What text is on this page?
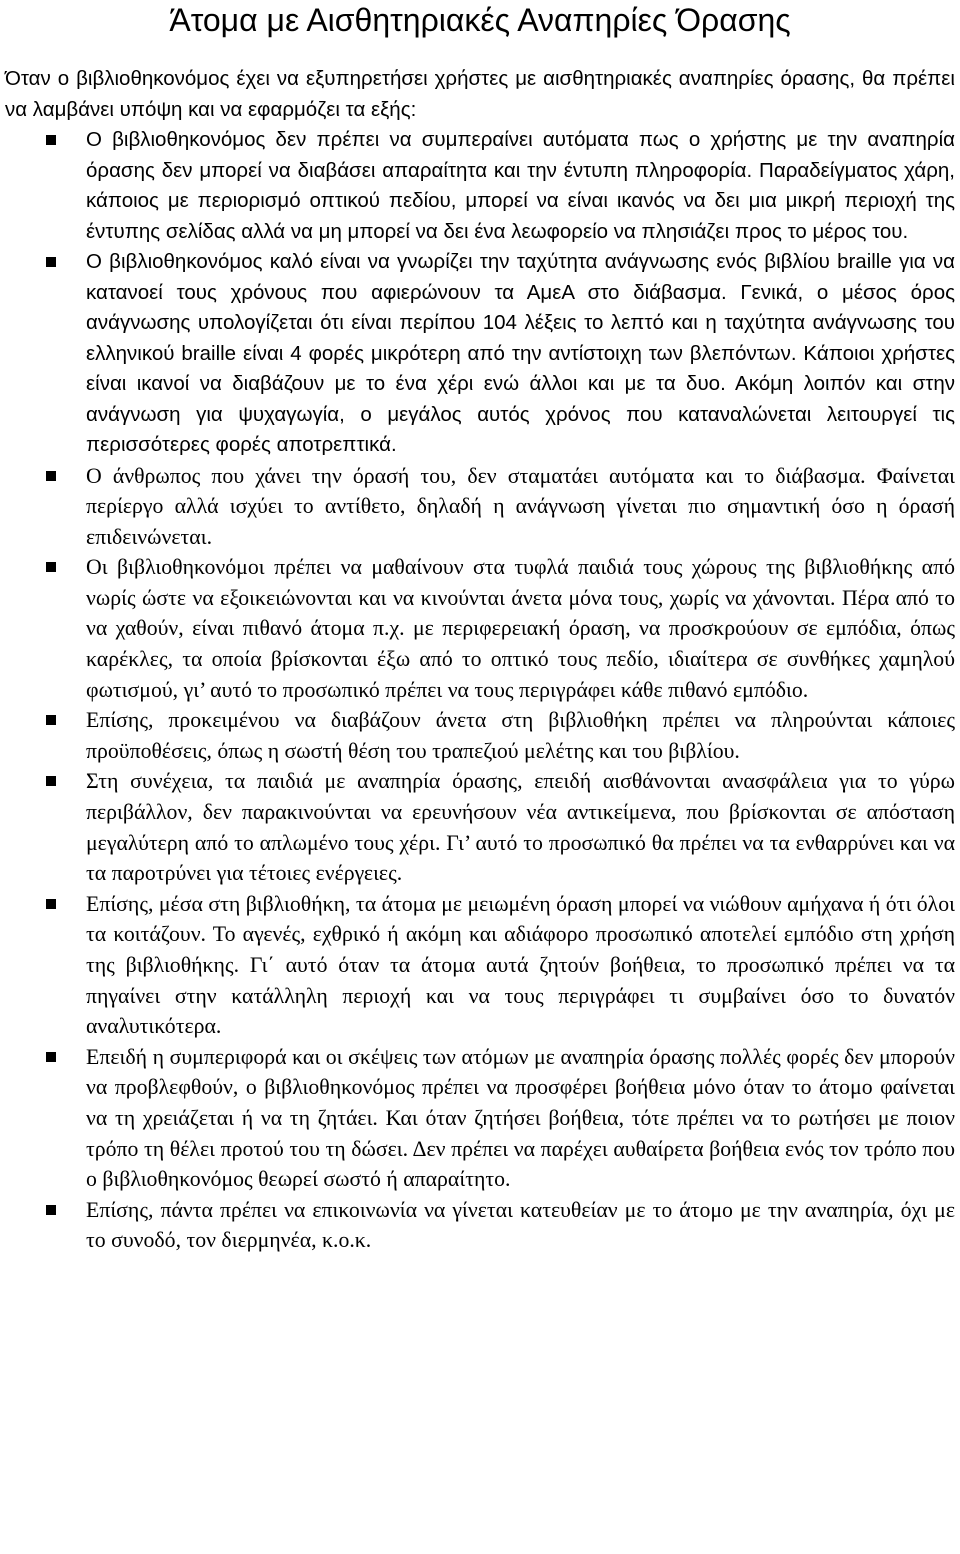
Άτομα με Αισθητηριακές Αναπηρίες Όρασης

Όταν ο βιβλιοθηκονόμος έχει να εξυπηρετήσει χρήστες με αισθητηριακές αναπηρίες όρασης, θα πρέπει να λαμβάνει υπόψη και να εφαρμόζει τα εξής:

Ο βιβλιοθηκονόμος δεν πρέπει να συμπεραίνει αυτόματα πως ο χρήστης με την αναπηρία όρασης δεν μπορεί να διαβάσει απαραίτητα και την έντυπη πληροφορία. Παραδείγματος χάρη, κάποιος με περιορισμό οπτικού πεδίου, μπορεί να είναι ικανός να δει μια μικρή περιοχή της έντυπης σελίδας αλλά να μη μπορεί να δει ένα λεωφορείο να πλησιάζει προς το μέρος του.
Ο βιβλιοθηκονόμος καλό είναι να γνωρίζει την ταχύτητα ανάγνωσης ενός βιβλίου braille για να κατανοεί τους χρόνους που αφιερώνουν τα ΑμεΑ στο διάβασμα. Γενικά, ο μέσος όρος ανάγνωσης υπολογίζεται ότι είναι περίπου 104 λέξεις το λεπτό και η ταχύτητα ανάγνωσης του ελληνικού braille είναι 4 φορές μικρότερη από την αντίστοιχη των βλεπόντων. Κάποιοι χρήστες είναι ικανοί να διαβάζουν με το ένα χέρι ενώ άλλοι και με τα δυο. Ακόμη λοιπόν και στην ανάγνωση για ψυχαγωγία, ο μεγάλος αυτός χρόνος που καταναλώνεται λειτουργεί τις περισσότερες φορές αποτρεπτικά.
Ο άνθρωπος που χάνει την όρασή του, δεν σταματάει αυτόματα και το διάβασμα. Φαίνεται περίεργο αλλά ισχύει το αντίθετο, δηλαδή η ανάγνωση γίνεται πιο σημαντική όσο η όρασή επιδεινώνεται.
Οι βιβλιοθηκονόμοι πρέπει να μαθαίνουν στα τυφλά παιδιά τους χώρους της βιβλιοθήκης από νωρίς ώστε να εξοικειώνονται και να κινούνται άνετα μόνα τους, χωρίς να χάνονται. Πέρα από το να χαθούν, είναι πιθανό άτομα π.χ. με περιφερειακή όραση, να προσκρούουν σε εμπόδια, όπως καρέκλες, τα οποία βρίσκονται έξω από το οπτικό τους πεδίο, ιδιαίτερα σε συνθήκες χαμηλού φωτισμού, γι’ αυτό το προσωπικό πρέπει να τους περιγράφει κάθε πιθανό εμπόδιο.
Επίσης, προκειμένου να διαβάζουν άνετα στη βιβλιοθήκη πρέπει να πληρούνται κάποιες προϋποθέσεις, όπως η σωστή θέση του τραπεζιού μελέτης και του βιβλίου.
Στη συνέχεια, τα παιδιά με αναπηρία όρασης, επειδή αισθάνονται ανασφάλεια για το γύρω περιβάλλον, δεν παρακινούνται να ερευνήσουν νέα αντικείμενα, που βρίσκονται σε απόσταση μεγαλύτερη από το απλωμένο τους χέρι. Γι’ αυτό το προσωπικό θα πρέπει να τα ενθαρρύνει και να τα παροτρύνει για τέτοιες ενέργειες.
Επίσης, μέσα στη βιβλιοθήκη, τα άτομα με μειωμένη όραση μπορεί να νιώθουν αμήχανα ή ότι όλοι τα κοιτάζουν. Το αγενές, εχθρικό ή ακόμη και αδιάφορο προσωπικό αποτελεί εμπόδιο στη χρήση της βιβλιοθήκης. Γι΄ αυτό όταν τα άτομα αυτά ζητούν βοήθεια, το προσωπικό πρέπει να τα πηγαίνει στην κατάλληλη περιοχή και να τους περιγράφει τι συμβαίνει όσο το δυνατόν αναλυτικότερα.
Επειδή η συμπεριφορά και οι σκέψεις των ατόμων με αναπηρία όρασης πολλές φορές δεν μπορούν να προβλεφθούν, ο βιβλιοθηκονόμος πρέπει να προσφέρει βοήθεια μόνο όταν το άτομο φαίνεται να τη χρειάζεται ή να τη ζητάει. Και όταν ζητήσει βοήθεια, τότε πρέπει να το ρωτήσει με ποιον τρόπο τη θέλει προτού του τη δώσει. Δεν πρέπει να παρέχει αυθαίρετα βοήθεια ενός τον τρόπο που ο βιβλιοθηκονόμος θεωρεί σωστό ή απαραίτητο.
Επίσης, πάντα πρέπει να επικοινωνία να γίνεται κατευθείαν με το άτομο με την αναπηρία, όχι με το συνοδό, τον διερμηνέα, κ.ο.κ.
